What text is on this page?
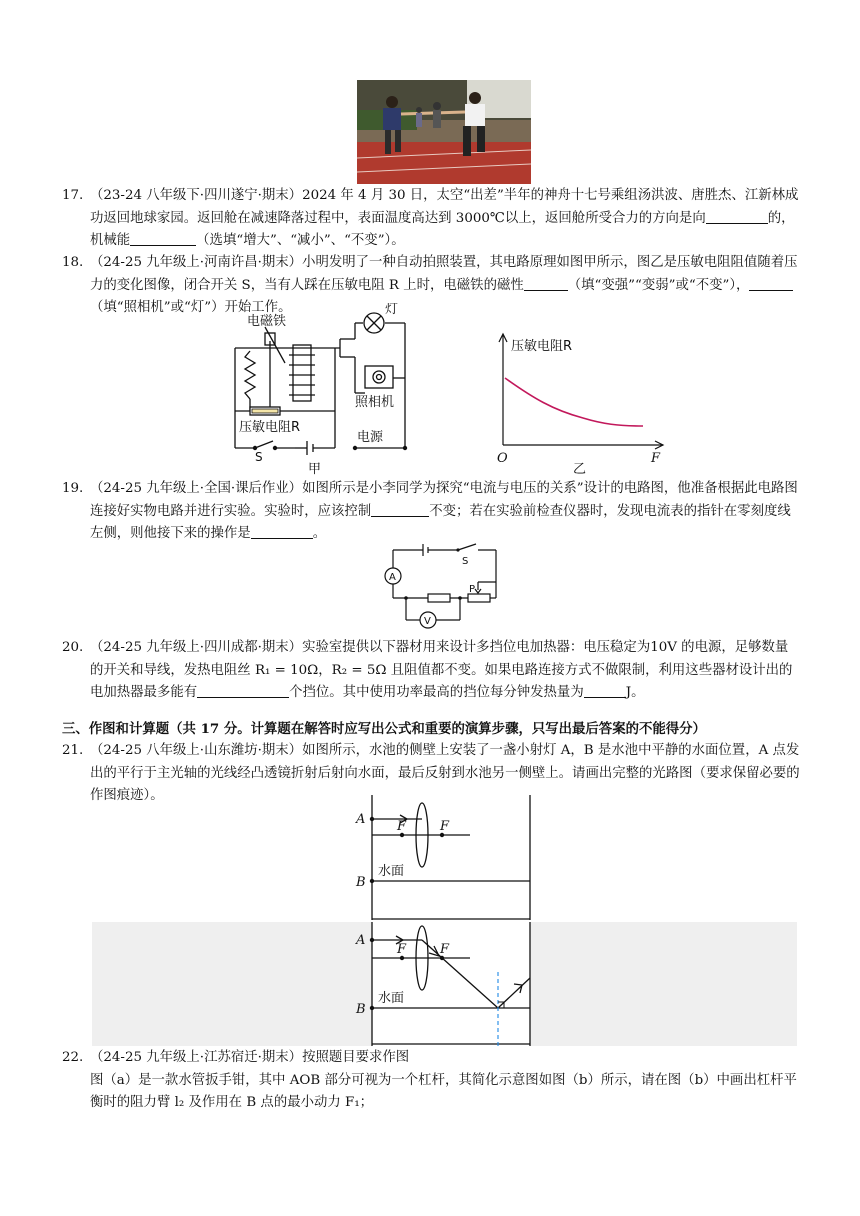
17. （23-24 八年级下·四川遂宁·期末）2024 年 4 月 30 日，太空“出差”半年的神舟十七号乘组汤洪波、唐胜杰、江新林成功返回地球家园。返回舱在减速降落过程中，表面温度高达到 3000℃以上，返回舱所受合力的方向是向	的，机械能	（选填“增大”、“减小”、“不变”）。
18. （24-25 九年级上·河南许昌·期末）小明发明了一种自动拍照装置，其电路原理如图甲所示，图乙是压敏电阻阻值随着压力的变化图像，闭合开关 S，当有人踩在压敏电阻 R 上时，电磁铁的磁性	（填“变强”“变弱”或“不变”），（填“照相机”或“灯”）开始工作。
电磁铁
灯
照相机
压敏电阻R
S
电源
甲
压敏电阻R
O	F
乙
19. （24-25 九年级上·全国·课后作业）如图所示是小李同学为探究“电流与电压的关系”设计的电路图，他准备根据此电路图连接好实物电路并进行实验。实验时，应该控制	不变；若在实验前检查仪器时，发现电流表的指针在零刻度线左侧，则他接下来的操作是	。
A
V
S
P
20. （24-25 九年级上·四川成都·期末）实验室提供以下器材用来设计多挡位电加热器：电压稳定为10V 的电源，足够数量的开关和导线，发热电阻丝 R₁ = 10Ω，R₂ = 5Ω 且阻值都不变。如果电路连接方式不做限制，利用这些器材设计出的电加热器最多能有	个挡位。其中使用功率最高的挡位每分钟发热量为	J。
三、作图和计算题（共 17 分。计算题在解答时应写出公式和重要的演算步骤，只写出最后答案的不能得分）
21. （24-25 八年级上·山东潍坊·期末）如图所示，水池的侧壁上安装了一盏小射灯 A，B 是水池中平静的水面位置，A 点发出的平行于主光轴的光线经凸透镜折射后射向水面，最后反射到水池另一侧壁上。请画出完整的光路图（要求保留必要的作图痕迹）。
A F	F
水面
B
A
F	F
水面
B
22. （24-25 九年级上·江苏宿迁·期末）按照题目要求作图
图（a）是一款水管扳手钳，其中 AOB 部分可视为一个杠杆，其简化示意图如图（b）所示，请在图（b）中画出杠杆平衡时的阻力臂 l₂ 及作用在 B 点的最小动力 F₁；
